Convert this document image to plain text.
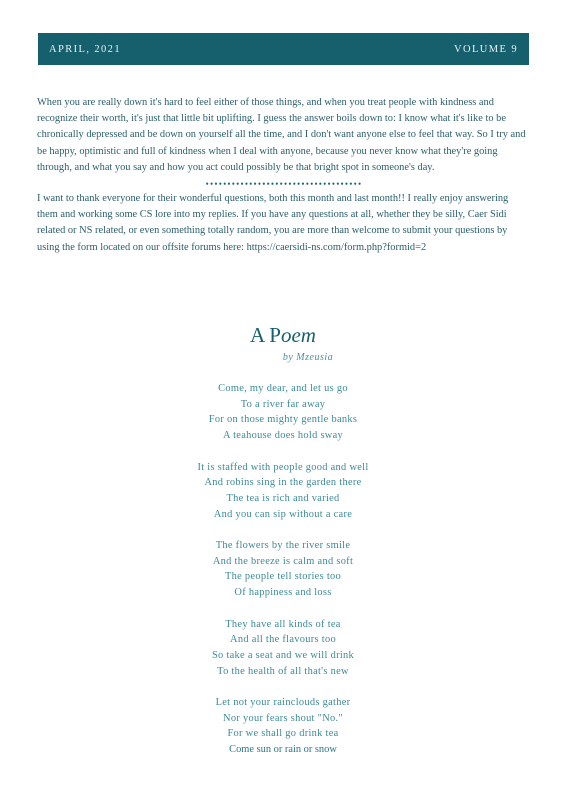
APRIL, 2021	VOLUME 9

When you are really down it's hard to feel either of those things, and when you treat people with kindness and recognize their worth, it's just that little bit uplifting. I guess the answer boils down to: I know what it's like to be chronically depressed and be down on yourself all the time, and I don't want anyone else to feel that way. So I try and be happy, optimistic and full of kindness when I deal with anyone, because you never know what they're going through, and what you say and how you act could possibly be that bright spot in someone's day.

••••••••••••••••••••••••••••••••••••

I want to thank everyone for their wonderful questions, both this month and last month!! I really enjoy answering them and working some CS lore into my replies. If you have any questions at all, whether they be silly, Caer Sidi related or NS related, or even something totally random, you are more than welcome to submit your questions by using the form located on our offsite forums here: https://caersidi-ns.com/form.php?formid=2

A Poem
by Mzeusia
Come, my dear, and let us go
To a river far away
For on those mighty gentle banks
A teahouse does hold sway
It is staffed with people good and well
And robins sing in the garden there
The tea is rich and varied
And you can sip without a care
The flowers by the river smile
And the breeze is calm and soft
The people tell stories too
Of happiness and loss
They have all kinds of tea
And all the flavours too
So take a seat and we will drink
To the health of all that's new
Let not your rainclouds gather
Nor your fears shout "No."
For we shall go drink tea
Come sun or rain or snow
